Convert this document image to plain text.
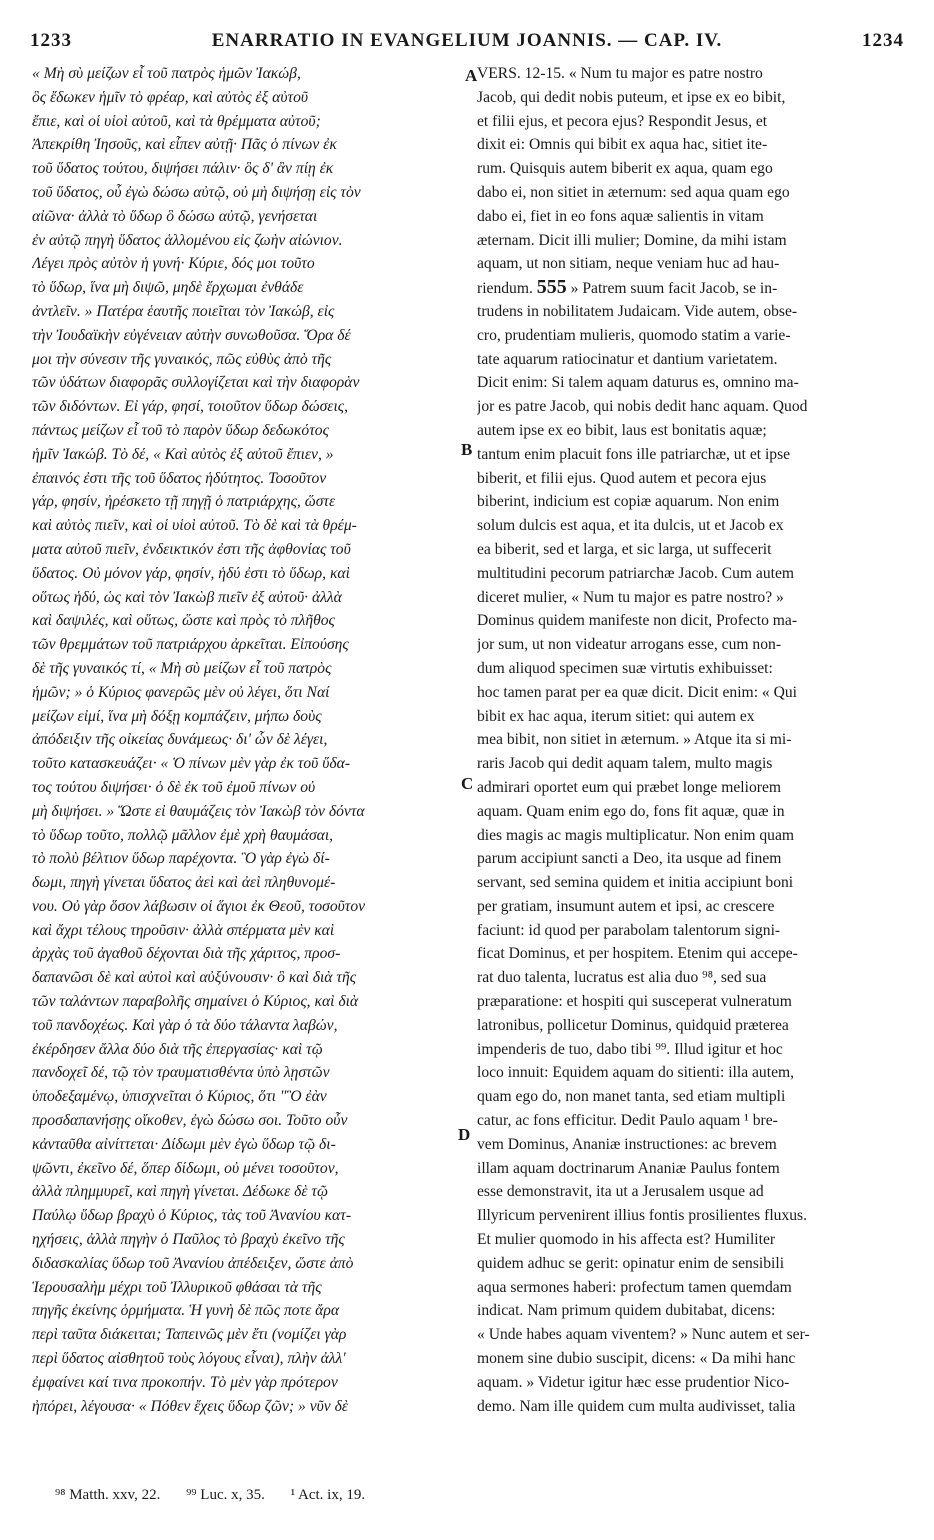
1233	ENARRATIO IN EVANGELIUM JOANNIS. — CAP. IV.	1234
« Μὴ σὺ μείζων εἶ τοῦ πατρὸς ἡμῶν Ἰακώβ,
ὃς ἔδωκεν ἡμῖν τὸ φρέαρ, καὶ αὐτὸς ἐξ αὐτοῦ
ἔπιε, καὶ οἱ υἱοὶ αὐτοῦ, καὶ τὰ θρέμματα αὐτοῦ;
Ἀπεκρίθη Ἰησοῦς, καὶ εἶπεν αὐτῇ· Πᾶς ὁ πίνων ἐκ
τοῦ ὕδατος τούτου, διψήσει πάλιν· ὃς δ' ἂν πίῃ ἐκ
τοῦ ὕδατος, οὗ ἐγὼ δώσω αὐτῷ, οὐ μὴ διψήσῃ εἰς τὸν
αἰῶνα· ἀλλὰ τὸ ὕδωρ ὃ δώσω αὐτῷ, γενήσεται
ἐν αὐτῷ πηγὴ ὕδατος ἁλλομένου εἰς ζωὴν αἰώνιον.
Λέγει πρὸς αὐτὸν ἡ γυνή· Κύριε, δός μοι τοῦτο
τὸ ὕδωρ, ἵνα μὴ διψῶ, μηδὲ ἔρχωμαι ἐνθάδε
ἀντλεῖν. » Πατέρα ἑαυτῆς ποιεῖται τὸν Ἰακώβ, εἰς
τὴν Ἰουδαϊκὴν εὐγένειαν αὐτὴν συνωθοῦσα. Ὅρα δέ
μοι τὴν σύνεσιν τῆς γυναικός, πῶς εὐθὺς ἀπὸ τῆς
τῶν ὑδάτων διαφορᾶς συλλογίζεται καὶ τὴν διαφορὰν
τῶν διδόντων. Εἰ γάρ, φησί, τοιοῦτον ὕδωρ δώσεις,
πάντως μείζων εἶ τοῦ τὸ παρὸν ὕδωρ δεδωκότος
ἡμῖν Ἰακώβ. Τὸ δέ, « Καὶ αὐτὸς ἐξ αὐτοῦ ἔπιεν, »
ἐπαινός ἐστι τῆς τοῦ ὕδατος ἡδύτητος. Τοσοῦτον
γάρ, φησίν, ἠρέσκετο τῇ πηγῇ ὁ πατριάρχης, ὥστε
καὶ αὐτὸς πιεῖν, καὶ οἱ υἱοὶ αὐτοῦ. Τὸ δὲ καὶ τὰ θρέμ-
ματα αὐτοῦ πιεῖν, ἐνδεικτικόν ἐστι τῆς ἀφθονίας τοῦ
ὕδατος. Οὐ μόνον γάρ, φησίν, ἡδύ ἐστι τὸ ὕδωρ, καὶ
οὕτως ἡδύ, ὡς καὶ τὸν Ἰακὼβ πιεῖν ἐξ αὐτοῦ· ἀλλὰ
καὶ δαψιλές, καὶ οὕτως, ὥστε καὶ πρὸς τὸ πλῆθος
τῶν θρεμμάτων τοῦ πατριάρχου ἀρκεῖται. Εἰπούσης
δὲ τῆς γυναικός τί, « Μὴ σὺ μείζων εἶ τοῦ πατρὸς
ἡμῶν; » ὁ Κύριος φανερῶς μὲν οὐ λέγει, ὅτι Ναί
μείζων εἰμί, ἵνα μὴ δόξῃ κομπάζειν, μήπω δοὺς
ἀπόδειξιν τῆς οἰκείας δυνάμεως· δι' ὧν δὲ λέγει,
τοῦτο κατασκευάζει· « Ὁ πίνων μὲν γὰρ ἐκ τοῦ ὕδα-
τος τούτου διψήσει· ὁ δὲ ἐκ τοῦ ἐμοῦ πίνων οὐ
μὴ διψήσει. » Ὥστε εἰ θαυμάζεις τὸν Ἰακὼβ τὸν δόντα
τὸ ὕδωρ τοῦτο, πολλῷ μᾶλλον ἐμὲ χρὴ θαυμάσαι,
τὸ πολὺ βέλτιον ὕδωρ παρέχοντα. Ὃ γὰρ ἐγὼ δί-
δωμι, πηγὴ γίνεται ὕδατος ἀεὶ καὶ ἀεὶ πληθυνομέ-
νου. Οὐ γὰρ ὅσον λάβωσιν οἱ ἅγιοι ἐκ Θεοῦ, τοσοῦτον
καὶ ἄχρι τέλους τηροῦσιν· ἀλλὰ σπέρματα μὲν καὶ
ἀρχὰς τοῦ ἀγαθοῦ δέχονται διὰ τῆς χάριτος, προσ-
δαπανῶσι δὲ καὶ αὐτοὶ καὶ αὐξύνουσιν· ὃ καὶ διὰ τῆς
τῶν ταλάντων παραβολῆς σημαίνει ὁ Κύριος, καὶ διὰ
τοῦ πανδοχέως. Καὶ γὰρ ὁ τὰ δύο τάλαντα λαβών,
ἐκέρδησεν ἄλλα δύο διὰ τῆς ἐπεργασίας· καὶ τῷ
πανδοχεῖ δέ, τῷ τὸν τραυματισθέντα ὑπὸ λῃστῶν
ὑποδεξαμένῳ, ὑπισχνεῖται ὁ Κύριος, ὅτι "Ὃ ἐὰν
προσδαπανήσῃς οἴκοθεν, ἐγὼ δώσω σοι. Τοῦτο οὖν
κἀνταῦθα αἰνίττεται· Δίδωμι μὲν ἐγὼ ὕδωρ τῷ δι-
ψῶντι, ἐκεῖνο δέ, ὅπερ δίδωμι, οὐ μένει τοσοῦτον,
ἀλλὰ πλημμυρεῖ, καὶ πηγὴ γίνεται. Δέδωκε δὲ τῷ
Παύλῳ ὕδωρ βραχὺ ὁ Κύριος, τὰς τοῦ Ἀνανίου κατ-
ηχήσεις, ἀλλὰ πηγὴν ὁ Παῦλος τὸ βραχὺ ἐκεῖνο τῆς
διδασκαλίας ὕδωρ τοῦ Ἀνανίου ἀπέδειξεν, ὥστε ἀπὸ
Ἱερουσαλὴμ μέχρι τοῦ Ἰλλυρικοῦ φθάσαι τὰ τῆς
πηγῆς ἐκείνης ὁρμήματα. Ἡ γυνὴ δὲ πῶς ποτε ἄρα
περὶ ταῦτα διάκειται; Ταπεινῶς μὲν ἔτι (νομίζει γὰρ
περὶ ὕδατος αἰσθητοῦ τοὺς λόγους εἶναι), πλὴν ἀλλ'
ἐμφαίνει καί τινα προκοπήν. Τὸ μὲν γὰρ πρότερον
ἠπόρει, λέγουσα· « Πόθεν ἔχεις ὕδωρ ζῶν; » νῦν δὲ
VERS. 12-15. « Num tu major es patre nostro
Jacob, qui dedit nobis puteum, et ipse ex eo bibit,
et filii ejus, et pecora ejus? Respondit Jesus, et
dixit ei: Omnis qui bibit ex aqua hac, sitiet ite-
rum. Quisquis autem biberit ex aqua, quam ego
dabo ei, non sitiet in æternum: sed aqua quam ego
dabo ei, fiet in eo fons aquæ salientis in vitam
æternam. Dicit illi mulier; Domine, da mihi istam
aquam, ut non sitiam, neque veniam huc ad hau-
riendum. 555 » Patrem suum facit Jacob, se in-
trudens in nobilitatem Judaicam. Vide autem, obse-
cro, prudentiam mulieris, quomodo statim a varie-
tate aquarum ratiocinatur et dantium varietatem.
Dicit enim: Si talem aquam daturus es, omnino ma-
jor es patre Jacob, qui nobis dedit hanc aquam. Quod
autem ipse ex eo bibit, laus est bonitatis aquæ;
tantum enim placuit fons ille patriarchæ, ut et ipse
biberit, et filii ejus. Quod autem et pecora ejus
biberint, indicium est copiæ aquarum. Non enim
solum dulcis est aqua, et ita dulcis, ut et Jacob ex
ea biberit, sed et larga, et sic larga, ut suffecerit
multitudini pecorum patriarchæ Jacob. Cum autem
diceret mulier, « Num tu major es patre nostro? »
Dominus quidem manifeste non dicit, Profecto ma-
jor sum, ut non videatur arrogans esse, cum non-
dum aliquod specimen suæ virtutis exhibuisset:
hoc tamen parat per ea quæ dicit. Dicit enim: « Qui
bibit ex hac aqua, iterum sitiet: qui autem ex
mea bibit, non sitiet in æternum. » Atque ita si mi-
raris Jacob qui dedit aquam talem, multo magis
admirari oportet eum qui præbet longe meliorem
aquam. Quam enim ego do, fons fit aquæ, quæ in
dies magis ac magis multiplicatur. Non enim quam
parum accipiunt sancti a Deo, ita usque ad finem
servant, sed semina quidem et initia accipiunt boni
per gratiam, insumunt autem et ipsi, ac crescere
faciunt: id quod per parabolam talentorum signi-
ficat Dominus, et per hospitem. Etenim qui accepe-
rat duo talenta, lucratus est alia duo ⁹⁸, sed sua
præparatione: et hospiti qui susceperat vulneratum
latronibus, pollicetur Dominus, quidquid præterea
impenderis de tuo, dabo tibi ⁹⁹. Illud igitur et hoc
loco innuit: Equidem aquam do sitienti: illa autem,
quam ego do, non manet tanta, sed etiam multipli
catur, ac fons efficitur. Dedit Paulo aquam ¹ bre-
vem Dominus, Ananiæ instructiones: ac brevem
illam aquam doctrinarum Ananiæ Paulus fontem
esse demonstravit, ita ut a Jerusalem usque ad
Illyricum pervenirent illius fontis prosilientes fluxus.
Et mulier quomodo in his affecta est? Humiliter
quidem adhuc se gerit: opinatur enim de sensibili
aqua sermones haberi: profectum tamen quemdam
indicat. Nam primum quidem dubitabat, dicens:
« Unde habes aquam viventem? » Nunc autem et ser-
monem sine dubio suscipit, dicens: « Da mihi hanc
aquam. » Videtur igitur hæc esse prudentior Nico-
demo. Nam ille quidem cum multa audivisset, talia
A
B
C
D
⁹⁸ Matth. xxv, 22. ⁹⁹ Luc. x, 35. ¹ Act. ix, 19.
